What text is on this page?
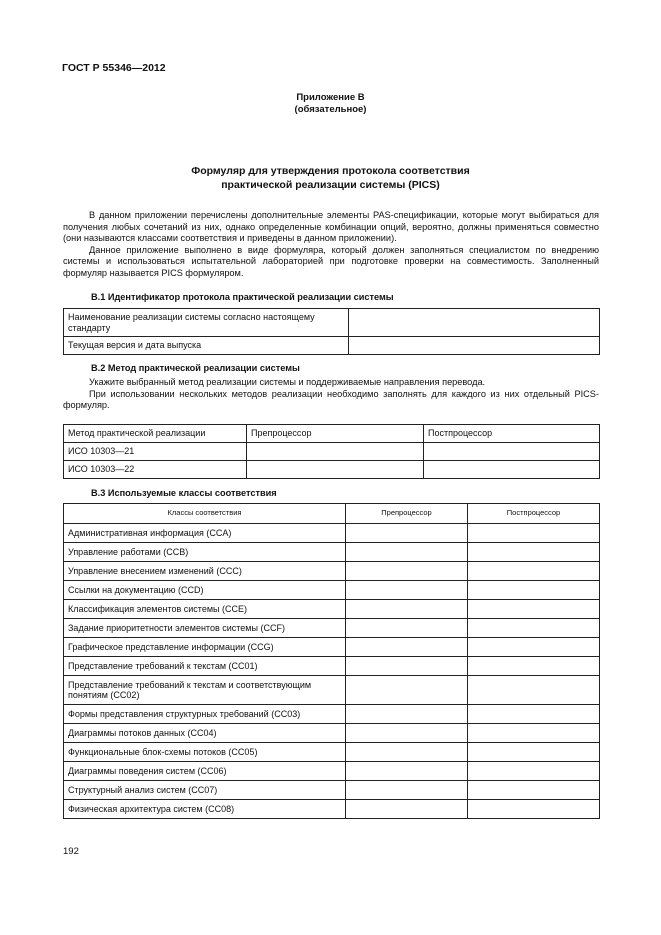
ГОСТ Р 55346—2012
Приложение В
(обязательное)
Формуляр для утверждения протокола соответствия
практической реализации системы (PICS)

В данном приложении перечислены дополнительные элементы PAS-спецификации, которые могут выбираться для получения любых сочетаний из них, однако определенные комбинации опций, вероятно, должны применяться совместно (они называются классами соответствия и приведены в данном приложении).

Данное приложение выполнено в виде формуляра, который должен заполняться специалистом по внедрению системы и использоваться испытательной лабораторией при подготовке проверки на совместимость. Заполненный формуляр называется PICS формуляром.

В.1 Идентификатор протокола практической реализации системы
Наименование реализации системы согласно настоящему стандарту	
Текущая версия и дата выпуска	
В.2 Метод практической реализации системы

Укажите выбранный метод реализации системы и поддерживаемые направления перевода.

При использовании нескольких методов реализации необходимо заполнять для каждого из них отдельный PICS-формуляр.

Метод практической реализации	Препроцессор	Постпроцессор
ИСО 10303—21		
ИСО 10303—22		
В.3 Используемые классы соответствия
Классы соответствия	Препроцессор	Постпроцессор
Административная информация (CCA)		
Управление работами (CCB)		
Управление внесением изменений (CCC)		
Ссылки на документацию (CCD)		
Классификация элементов системы (CCE)		
Задание приоритетности элементов системы (CCF)		
Графическое представление информации (CCG)		
Представление требований к текстам (CC01)		
Представление требований к текстам и соответствующим понятиям (CC02)		
Формы представления структурных требований (CC03)		
Диаграммы потоков данных (CC04)		
Функциональные блок-схемы потоков (CC05)		
Диаграммы поведения систем (CC06)		
Структурный анализ систем (CC07)		
Физическая архитектура систем (CC08)		
192
